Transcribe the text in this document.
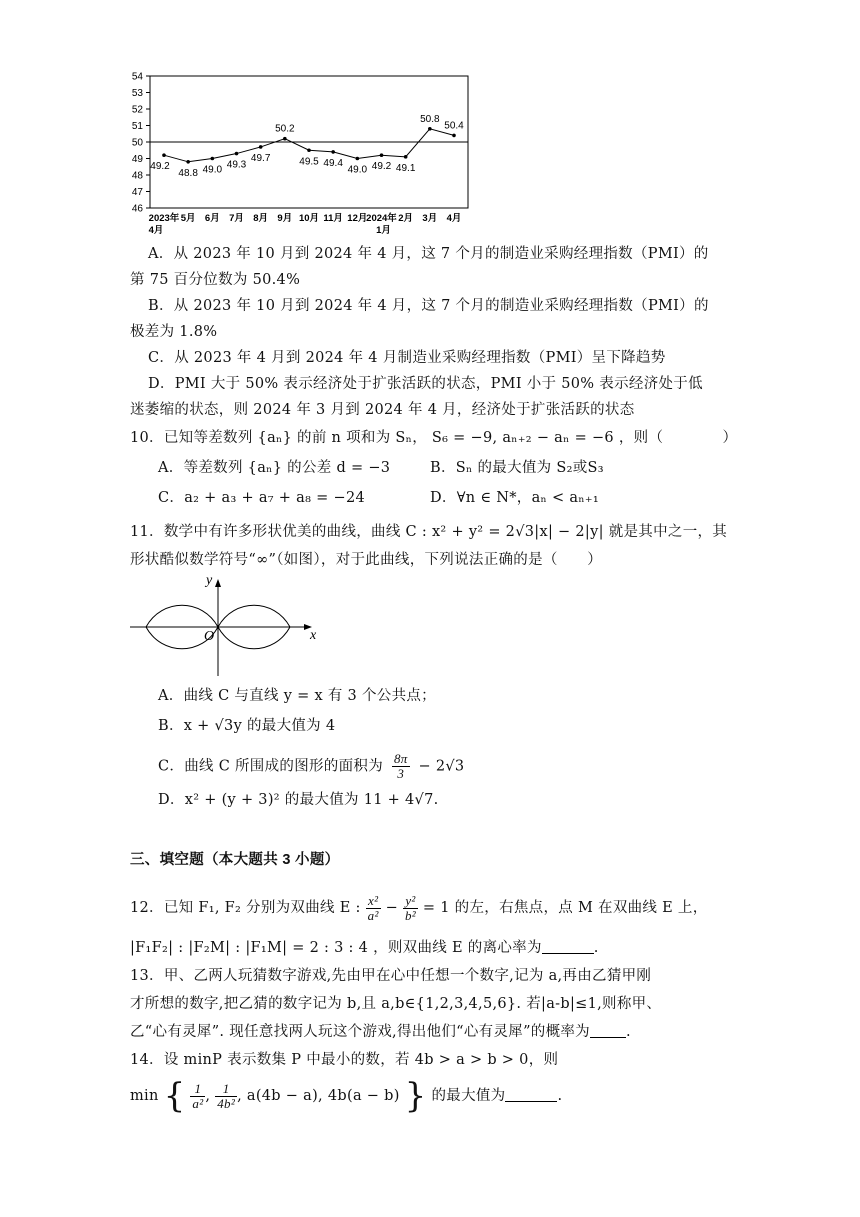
54
53
52
51
50
49
48
47
46
49.2
48.8 49.0 49.3
49.7
50.2
49.5 49.4
49.0 49.2 49.1
50.8
50.4
2023年 5月 6月 7月 8月 9月 10月 11月 12月
2024年 2月 3月 4月
4月	1月
A．从 2023 年 10 月到 2024 年 4 月，这 7 个月的制造业采购经理指数（PMI）的
第 75 百分位数为 50.4%
B．从 2023 年 10 月到 2024 年 4 月，这 7 个月的制造业采购经理指数（PMI）的
极差为 1.8%
C．从 2023 年 4 月到 2024 年 4 月制造业采购经理指数（PMI）呈下降趋势
D．PMI 大于 50% 表示经济处于扩张活跃的状态，PMI 小于 50% 表示经济处于低
迷萎缩的状态，则 2024 年 3 月到 2024 年 4 月，经济处于扩张活跃的状态
10．已知等差数列 {aₙ} 的前 n 项和为 Sₙ， S₆ = −9, aₙ₊₂ − aₙ = −6 ，则（　　　　）
A．等差数列 {aₙ} 的公差 d = −3	B．Sₙ 的最大值为 S₂或S₃
C．a₂ + a₃ + a₇ + a₈ = −24	D．∀n ∈ N*，aₙ < aₙ₊₁
11．数学中有许多形状优美的曲线，曲线 C : x² + y² = 2√3|x| − 2|y| 就是其中之一，其
形状酷似数学符号“∞”（如图），对于此曲线，下列说法正确的是（　　）
y
x
O
A．曲线 C 与直线 y = x 有 3 个公共点；
B．x + √3y 的最大值为 4
C．曲线 C 所围成的图形的面积为 $\frac{8\pi}{3} - 2√3$
D．x² + (y + 3)² 的最大值为 11 + 4√7.
三、填空题（本大题共 3 小题）
12．已知 F₁, F₂ 分别为双曲线 E : $\frac{\text{x²}}{\text{a²}} - \frac{\text{y²}}{\text{b²}} = 1$ 的左，右焦点，点 M 在双曲线 E 上，
|F₁F₂| : |F₂M| : |F₁M| = 2 : 3 : 4 ，则双曲线 E 的离心率为	.
13．甲、乙两人玩猜数字游戏,先由甲在心中任想一个数字,记为 a,再由乙猜甲刚
才所想的数字,把乙猜的数字记为 b,且 a,b∈{1,2,3,4,5,6}. 若|a-b|≤1,则称甲、
乙“心有灵犀”. 现任意找两人玩这个游戏,得出他们“心有灵犀”的概率为 .
14．设 minP 表示数集 P 中最小的数，若 4b > a > b > 0，则
min { $\frac{1}{\text{a²}}$ , $\frac{1}{\text{4b²}}$ , a(4b − a), 4b(a − b) } 的最大值为	.
